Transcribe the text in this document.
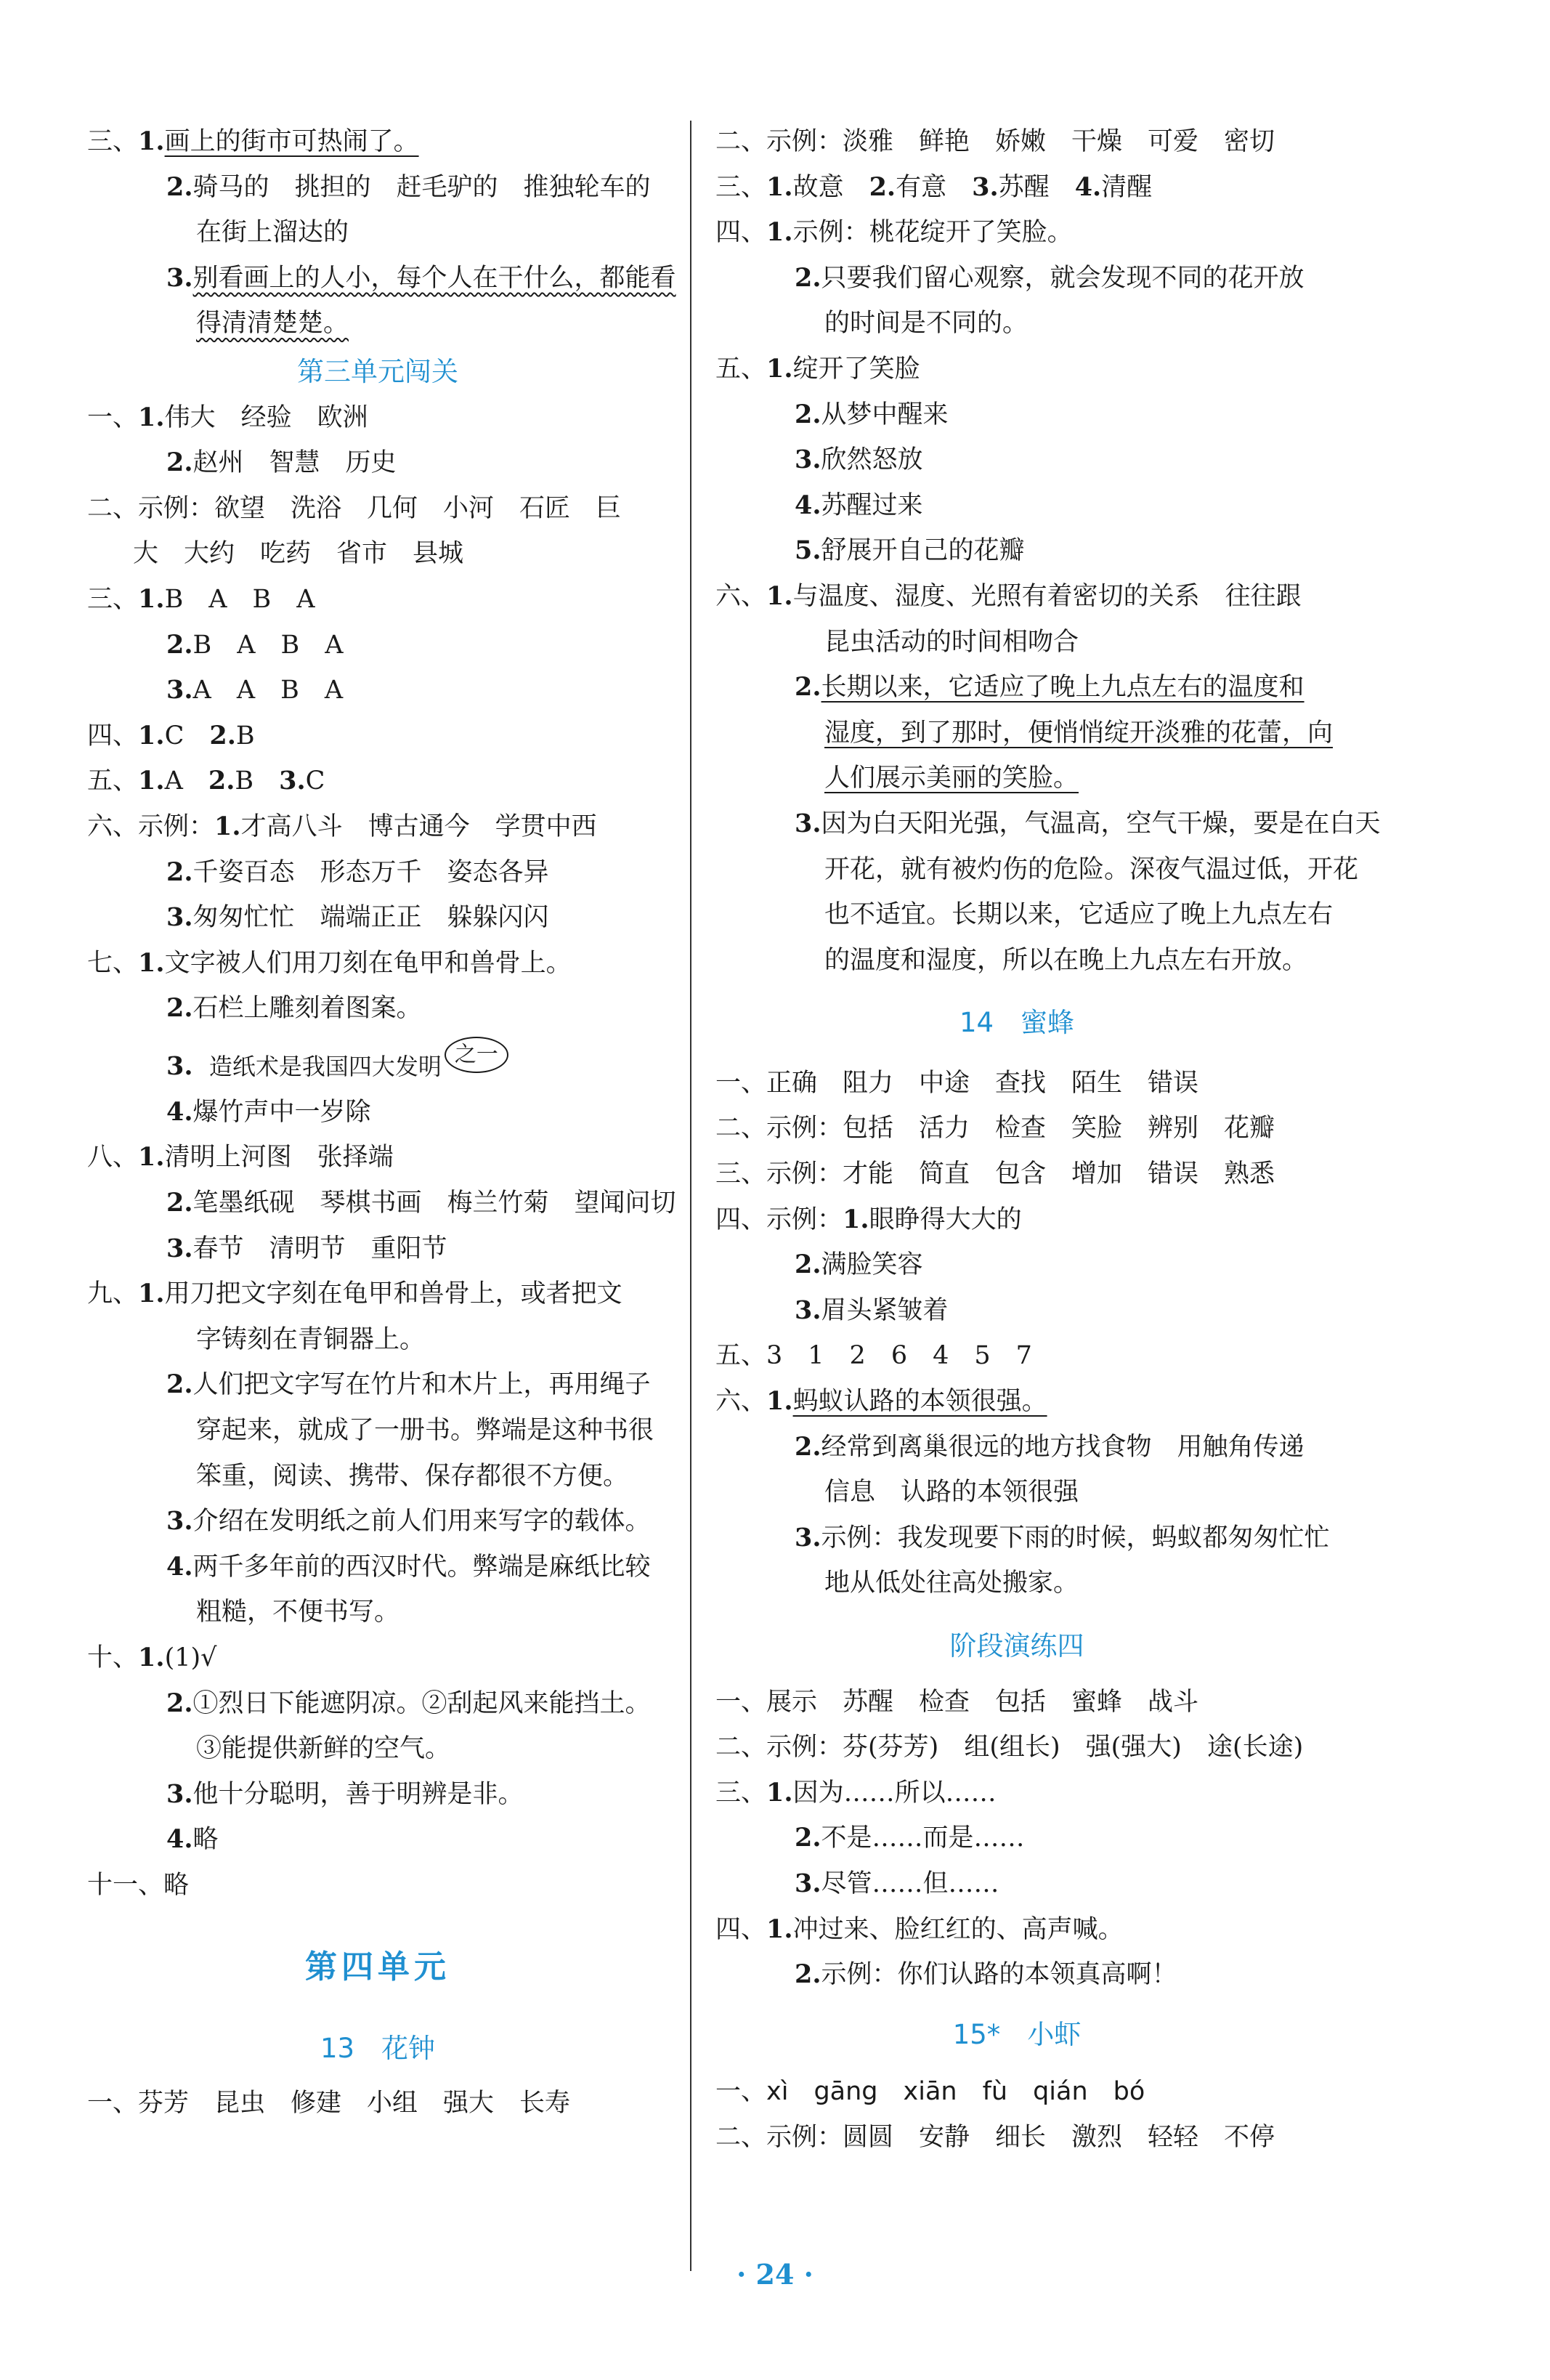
三、1.画上的街市可热闹了。
2.骑马的　挑担的　赶毛驴的　推独轮车的
在街上溜达的
3.别看画上的人小，每个人在干什么，都能看
得清清楚楚。
第三单元闯关
一、1.伟大　经验　欧洲
2.赵州　智慧　历史
二、示例：欲望　洗浴　几何　小河　石匠　巨
大　大约　吃药　省市　县城
三、1.B　A　B　A
2.B　A　B　A
3.A　A　B　A
四、1.C　2.B
五、1.A　2.B　3.C
六、示例：1.才高八斗　博古通今　学贯中西
2.千姿百态　形态万千　姿态各异
3.匆匆忙忙　端端正正　躲躲闪闪
七、1.文字被人们用刀刻在龟甲和兽骨上。
2.石栏上雕刻着图案。
3. 造纸术是我国四大发明 之一
4.爆竹声中一岁除
八、1.清明上河图　张择端
2.笔墨纸砚　琴棋书画　梅兰竹菊　望闻问切
3.春节　清明节　重阳节
九、1.用刀把文字刻在龟甲和兽骨上，或者把文
字铸刻在青铜器上。
2.人们把文字写在竹片和木片上，再用绳子
穿起来，就成了一册书。弊端是这种书很
笨重，阅读、携带、保存都很不方便。
3.介绍在发明纸之前人们用来写字的载体。
4.两千多年前的西汉时代。弊端是麻纸比较
粗糙，不便书写。
十、1.(1)√
2.①烈日下能遮阴凉。②刮起风来能挡土。
③能提供新鲜的空气。
3.他十分聪明，善于明辨是非。
4.略
十一、略
第四单元
13　花钟
一、芬芳　昆虫　修建　小组　强大　长寿
二、示例：淡雅　鲜艳　娇嫩　干燥　可爱　密切
三、1.故意　2.有意　3.苏醒　4.清醒
四、1.示例：桃花绽开了笑脸。
2.只要我们留心观察，就会发现不同的花开放
的时间是不同的。
五、1.绽开了笑脸
2.从梦中醒来
3.欣然怒放
4.苏醒过来
5.舒展开自己的花瓣
六、1.与温度、湿度、光照有着密切的关系　往往跟
昆虫活动的时间相吻合
2.长期以来，它适应了晚上九点左右的温度和
湿度，到了那时，便悄悄绽开淡雅的花蕾，向
人们展示美丽的笑脸。
3.因为白天阳光强，气温高，空气干燥，要是在白天
开花，就有被灼伤的危险。深夜气温过低，开花
也不适宜。长期以来，它适应了晚上九点左右
的温度和湿度，所以在晚上九点左右开放。
14　蜜蜂
一、正确　阻力　中途　查找　陌生　错误
二、示例：包括　活力　检查　笑脸　辨别　花瓣
三、示例：才能　简直　包含　增加　错误　熟悉
四、示例：1.眼睁得大大的
2.满脸笑容
3.眉头紧皱着
五、3　1　2　6　4　5　7
六、1.蚂蚁认路的本领很强。
2.经常到离巢很远的地方找食物　用触角传递
信息　认路的本领很强
3.示例：我发现要下雨的时候，蚂蚁都匆匆忙忙
地从低处往高处搬家。
阶段演练四
一、展示　苏醒　检查　包括　蜜蜂　战斗
二、示例：芬(芬芳)　组(组长)　强(强大)　途(长途)
三、1.因为……所以……
2.不是……而是……
3.尽管……但……
四、1.冲过来、脸红红的、高声喊。
2.示例：你们认路的本领真高啊！
15*　小虾
一、xì　gāng　xiān　fù　qián　bó
二、示例：圆圆　安静　细长　激烈　轻轻　不停
· 24 ·
